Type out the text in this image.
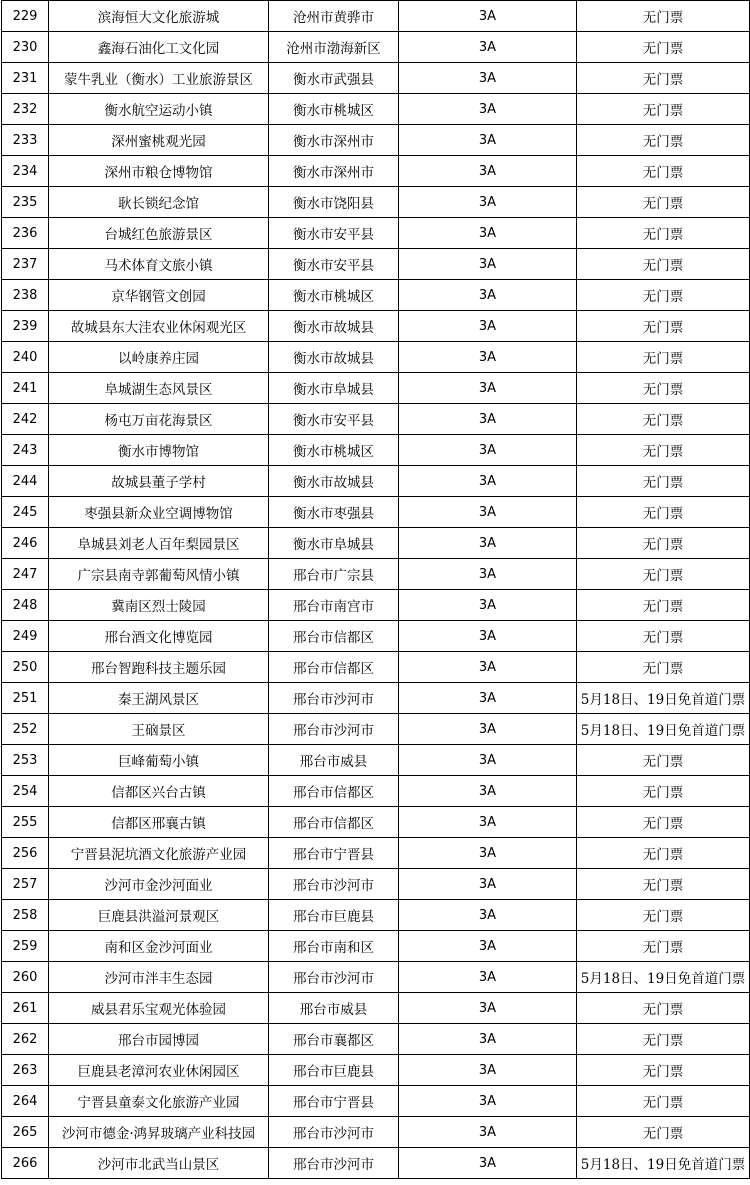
229	滨海恒大文化旅游城	沧州市黄骅市	3A	无门票
230	鑫海石油化工文化园	沧州市渤海新区	3A	无门票
231	蒙牛乳业（衡水）工业旅游景区	衡水市武强县	3A	无门票
232	衡水航空运动小镇	衡水市桃城区	3A	无门票
233	深州蜜桃观光园	衡水市深州市	3A	无门票
234	深州市粮仓博物馆	衡水市深州市	3A	无门票
235	耿长锁纪念馆	衡水市饶阳县	3A	无门票
236	台城红色旅游景区	衡水市安平县	3A	无门票
237	马术体育文旅小镇	衡水市安平县	3A	无门票
238	京华钢管文创园	衡水市桃城区	3A	无门票
239	故城县东大洼农业休闲观光区	衡水市故城县	3A	无门票
240	以岭康养庄园	衡水市故城县	3A	无门票
241	阜城湖生态风景区	衡水市阜城县	3A	无门票
242	杨屯万亩花海景区	衡水市安平县	3A	无门票
243	衡水市博物馆	衡水市桃城区	3A	无门票
244	故城县董子学村	衡水市故城县	3A	无门票
245	枣强县新众业空调博物馆	衡水市枣强县	3A	无门票
246	阜城县刘老人百年梨园景区	衡水市阜城县	3A	无门票
247	广宗县南寺郭葡萄风情小镇	邢台市广宗县	3A	无门票
248	冀南区烈士陵园	邢台市南宫市	3A	无门票
249	邢台酒文化博览园	邢台市信都区	3A	无门票
250	邢台智跑科技主题乐园	邢台市信都区	3A	无门票
251	秦王湖风景区	邢台市沙河市	3A	5月18日、19日免首道门票
252	王硇景区	邢台市沙河市	3A	5月18日、19日免首道门票
253	巨峰葡萄小镇	邢台市威县	3A	无门票
254	信都区兴台古镇	邢台市信都区	3A	无门票
255	信都区邢襄古镇	邢台市信都区	3A	无门票
256	宁晋县泥坑酒文化旅游产业园	邢台市宁晋县	3A	无门票
257	沙河市金沙河面业	邢台市沙河市	3A	无门票
258	巨鹿县洪溢河景观区	邢台市巨鹿县	3A	无门票
259	南和区金沙河面业	邢台市南和区	3A	无门票
260	沙河市泮丰生态园	邢台市沙河市	3A	5月18日、19日免首道门票
261	威县君乐宝观光体验园	邢台市威县	3A	无门票
262	邢台市园博园	邢台市襄都区	3A	无门票
263	巨鹿县老漳河农业休闲园区	邢台市巨鹿县	3A	无门票
264	宁晋县童泰文化旅游产业园	邢台市宁晋县	3A	无门票
265	沙河市德金·鸿昇玻璃产业科技园	邢台市沙河市	3A	无门票
266	沙河市北武当山景区	邢台市沙河市	3A	5月18日、19日免首道门票
